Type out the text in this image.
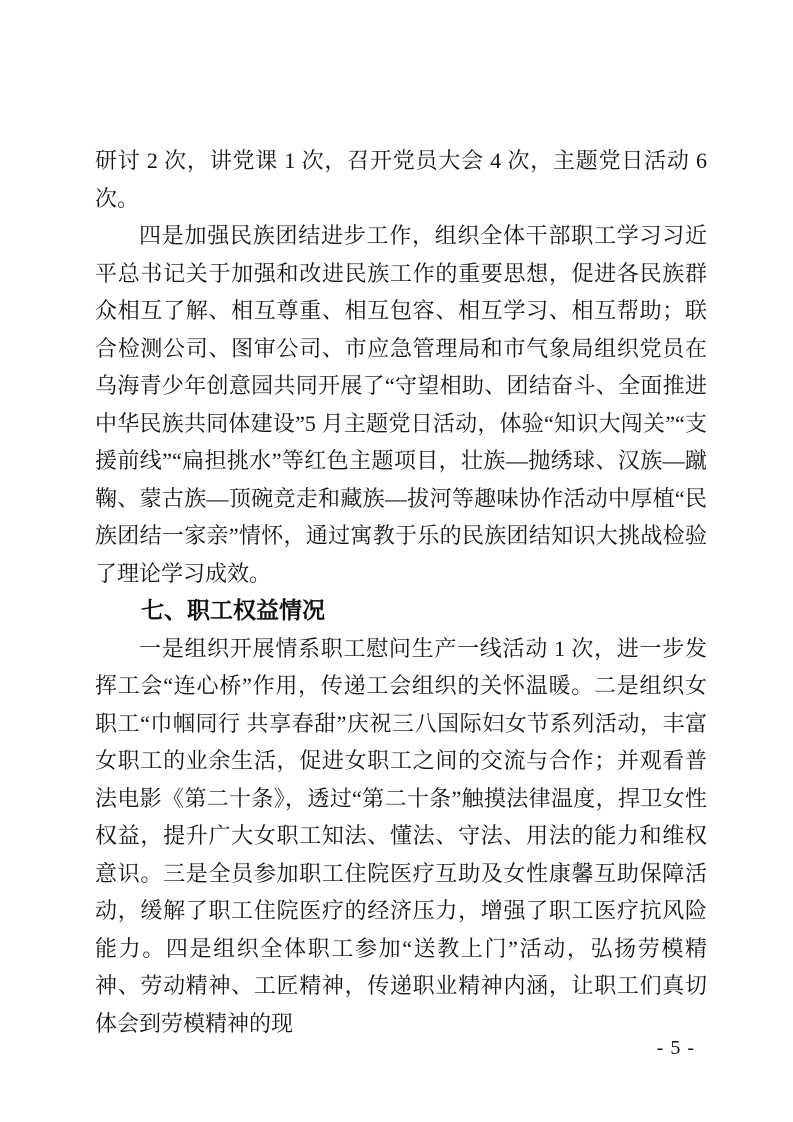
研讨 2 次，讲党课 1 次，召开党员大会 4 次，主题党日活动 6 次。

四是加强民族团结进步工作，组织全体干部职工学习习近平总书记关于加强和改进民族工作的重要思想，促进各民族群众相互了解、相互尊重、相互包容、相互学习、相互帮助；联合检测公司、图审公司、市应急管理局和市气象局组织党员在乌海青少年创意园共同开展了“守望相助、团结奋斗、全面推进中华民族共同体建设”5 月主题党日活动，体验“知识大闯关”“支援前线”“扁担挑水”等红色主题项目，壮族—抛绣球、汉族—蹴鞠、蒙古族—顶碗竞走和藏族—拔河等趣味协作活动中厚植“民族团结一家亲”情怀，通过寓教于乐的民族团结知识大挑战检验了理论学习成效。

七、职工权益情况

一是组织开展情系职工慰问生产一线活动 1 次，进一步发挥工会“连心桥”作用，传递工会组织的关怀温暖。二是组织女职工“巾帼同行 共享春甜”庆祝三八国际妇女节系列活动，丰富女职工的业余生活，促进女职工之间的交流与合作；并观看普法电影《第二十条》，透过“第二十条”触摸法律温度，捍卫女性权益，提升广大女职工知法、懂法、守法、用法的能力和维权意识。三是全员参加职工住院医疗互助及女性康馨互助保障活动，缓解了职工住院医疗的经济压力，增强了职工医疗抗风险能力。四是组织全体职工参加“送教上门”活动，弘扬劳模精神、劳动精神、工匠精神，传递职业精神内涵，让职工们真切体会到劳模精神的现

- 5 -
